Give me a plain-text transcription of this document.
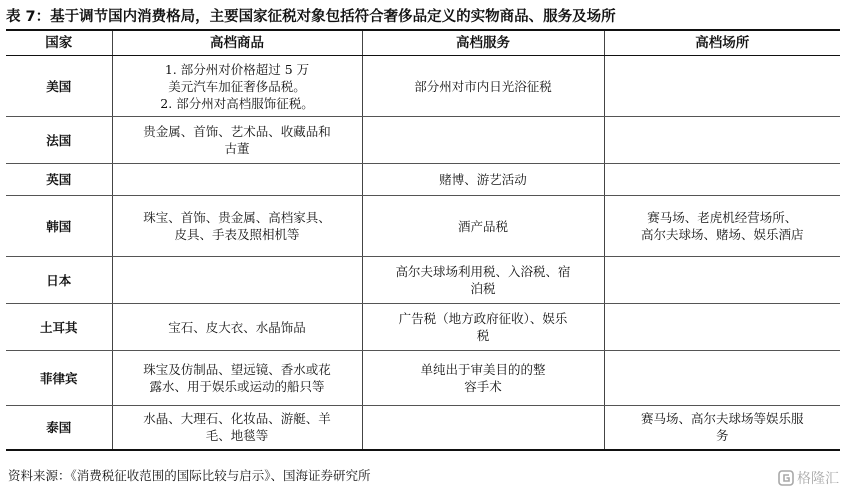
表 7：基于调节国内消费格局，主要国家征税对象包括符合奢侈品定义的实物商品、服务及场所
国家	高档商品	高档服务	高档场所
美国	1. 部分州对价格超过 5 万
美元汽车加征奢侈品税。
2. 部分州对高档服饰征税。	部分州对市内日光浴征税	

法国	贵金属、首饰、艺术品、收藏品和
古董		

英国		赌博、游艺活动	

韩国	珠宝、首饰、贵金属、高档家具、
皮具、手表及照相机等	酒产品税	赛马场、老虎机经营场所、
高尔夫球场、赌场、娱乐酒店

日本		高尔夫球场利用税、入浴税、宿
泊税	

土耳其	宝石、皮大衣、水晶饰品	广告税（地方政府征收）、娱乐
税	

菲律宾	珠宝及仿制品、望远镜、香水或花
露水、用于娱乐或运动的船只等	单纯出于审美目的的整
容手术	

泰国	水晶、大理石、化妆品、游艇、羊
毛、地毯等		赛马场、高尔夫球场等娱乐服
务
资料来源：《消费税征收范围的国际比较与启示》、国海证券研究所	格隆汇
